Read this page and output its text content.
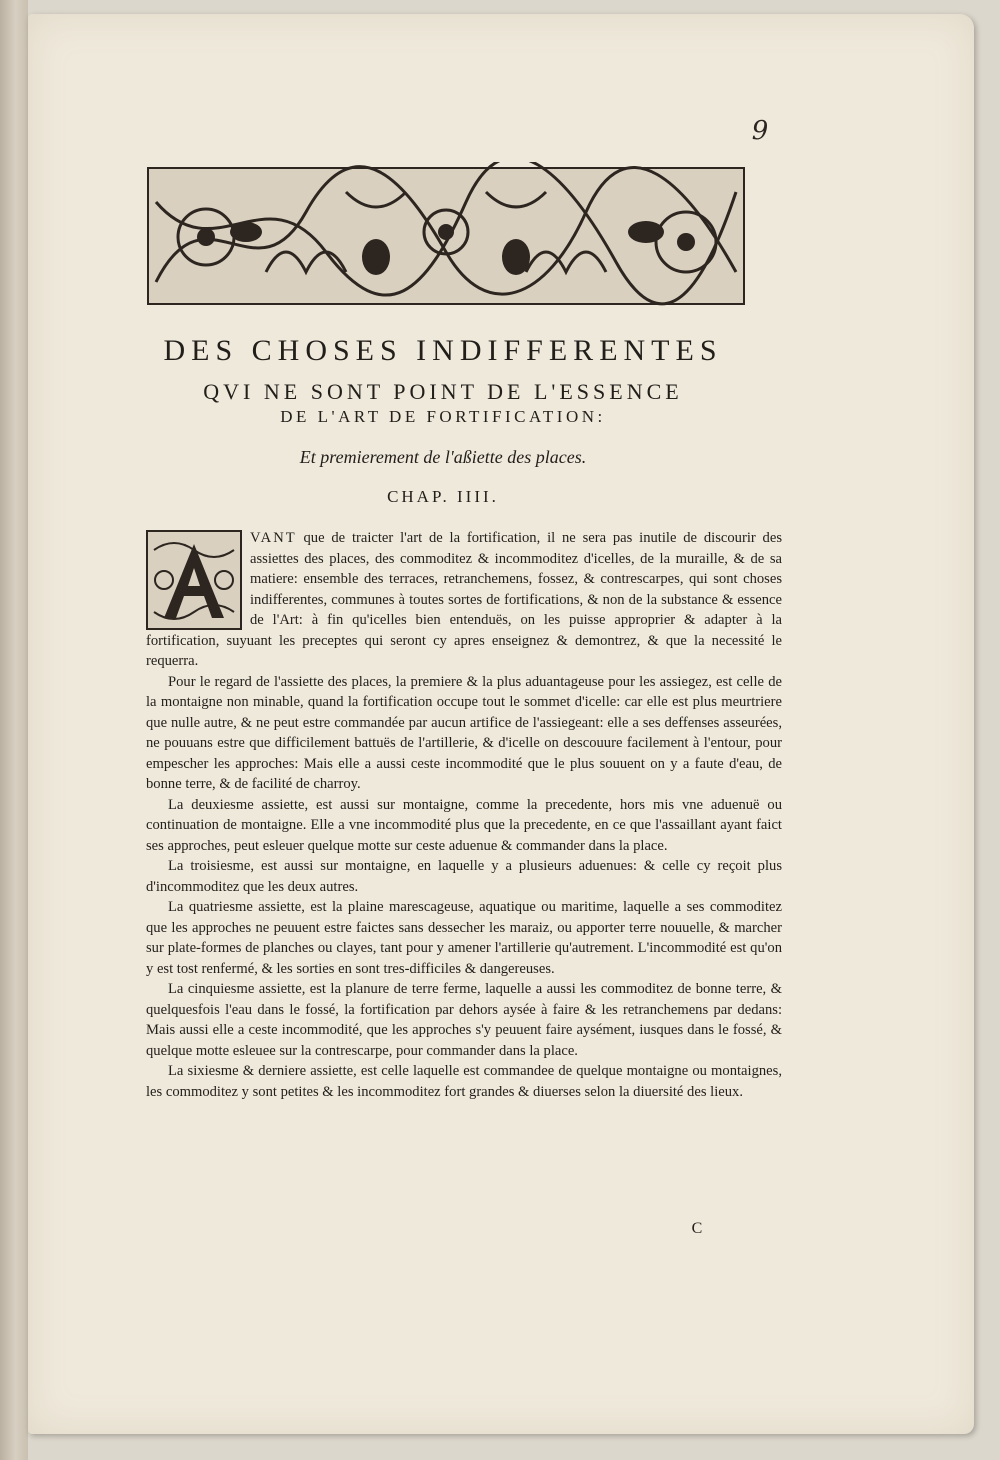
9
DES CHOSES INDIFFERENTES
QVI NE SONT POINT DE L'ESSENCE
DE L'ART DE FORTIFICATION:
Et premierement de l'aßiette des places.
CHAP. IIII.

VANT que de traicter l'art de la fortification, il ne sera pas inutile de discourir des assiettes des places, des commoditez & incommoditez d'icelles, de la muraille, & de sa matiere: ensemble des terraces, retranchemens, fossez, & contrescarpes, qui sont choses indifferentes, communes à toutes sortes de fortifications, & non de la substance & essence de l'Art: à fin qu'icelles bien entenduës, on les puisse approprier & adapter à la fortification, suyuant les preceptes qui seront cy apres enseignez & demontrez, & que la necessité le requerra.

Pour le regard de l'assiette des places, la premiere & la plus aduantageuse pour les assiegez, est celle de la montaigne non minable, quand la fortification occupe tout le sommet d'icelle: car elle est plus meurtriere que nulle autre, & ne peut estre commandée par aucun artifice de l'assiegeant: elle a ses deffenses asseurées, ne pouuans estre que difficilement battuës de l'artillerie, & d'icelle on descouure facilement à l'entour, pour empescher les approches: Mais elle a aussi ceste incommodité que le plus souuent on y a faute d'eau, de bonne terre, & de facilité de charroy.

La deuxiesme assiette, est aussi sur montaigne, comme la precedente, hors mis vne aduenuë ou continuation de montaigne. Elle a vne incommodité plus que la precedente, en ce que l'assaillant ayant faict ses approches, peut esleuer quelque motte sur ceste aduenue & commander dans la place.

La troisiesme, est aussi sur montaigne, en laquelle y a plusieurs aduenues: & celle cy reçoit plus d'incommoditez que les deux autres.

La quatriesme assiette, est la plaine marescageuse, aquatique ou maritime, laquelle a ses commoditez que les approches ne peuuent estre faictes sans dessecher les maraiz, ou apporter terre nouuelle, & marcher sur plate-formes de planches ou clayes, tant pour y amener l'artillerie qu'autrement. L'incommodité est qu'on y est tost renfermé, & les sorties en sont tres-difficiles & dangereuses.

La cinquiesme assiette, est la planure de terre ferme, laquelle a aussi les commoditez de bonne terre, & quelquesfois l'eau dans le fossé, la fortification par dehors aysée à faire & les retranchemens par dedans: Mais aussi elle a ceste incommodité, que les approches s'y peuuent faire aysément, iusques dans le fossé, & quelque motte esleuee sur la contrescarpe, pour commander dans la place.

La sixiesme & derniere assiette, est celle laquelle est commandee de quelque montaigne ou montaignes, les commoditez y sont petites & les incommoditez fort grandes & diuerses selon la diuersité des lieux.

C
